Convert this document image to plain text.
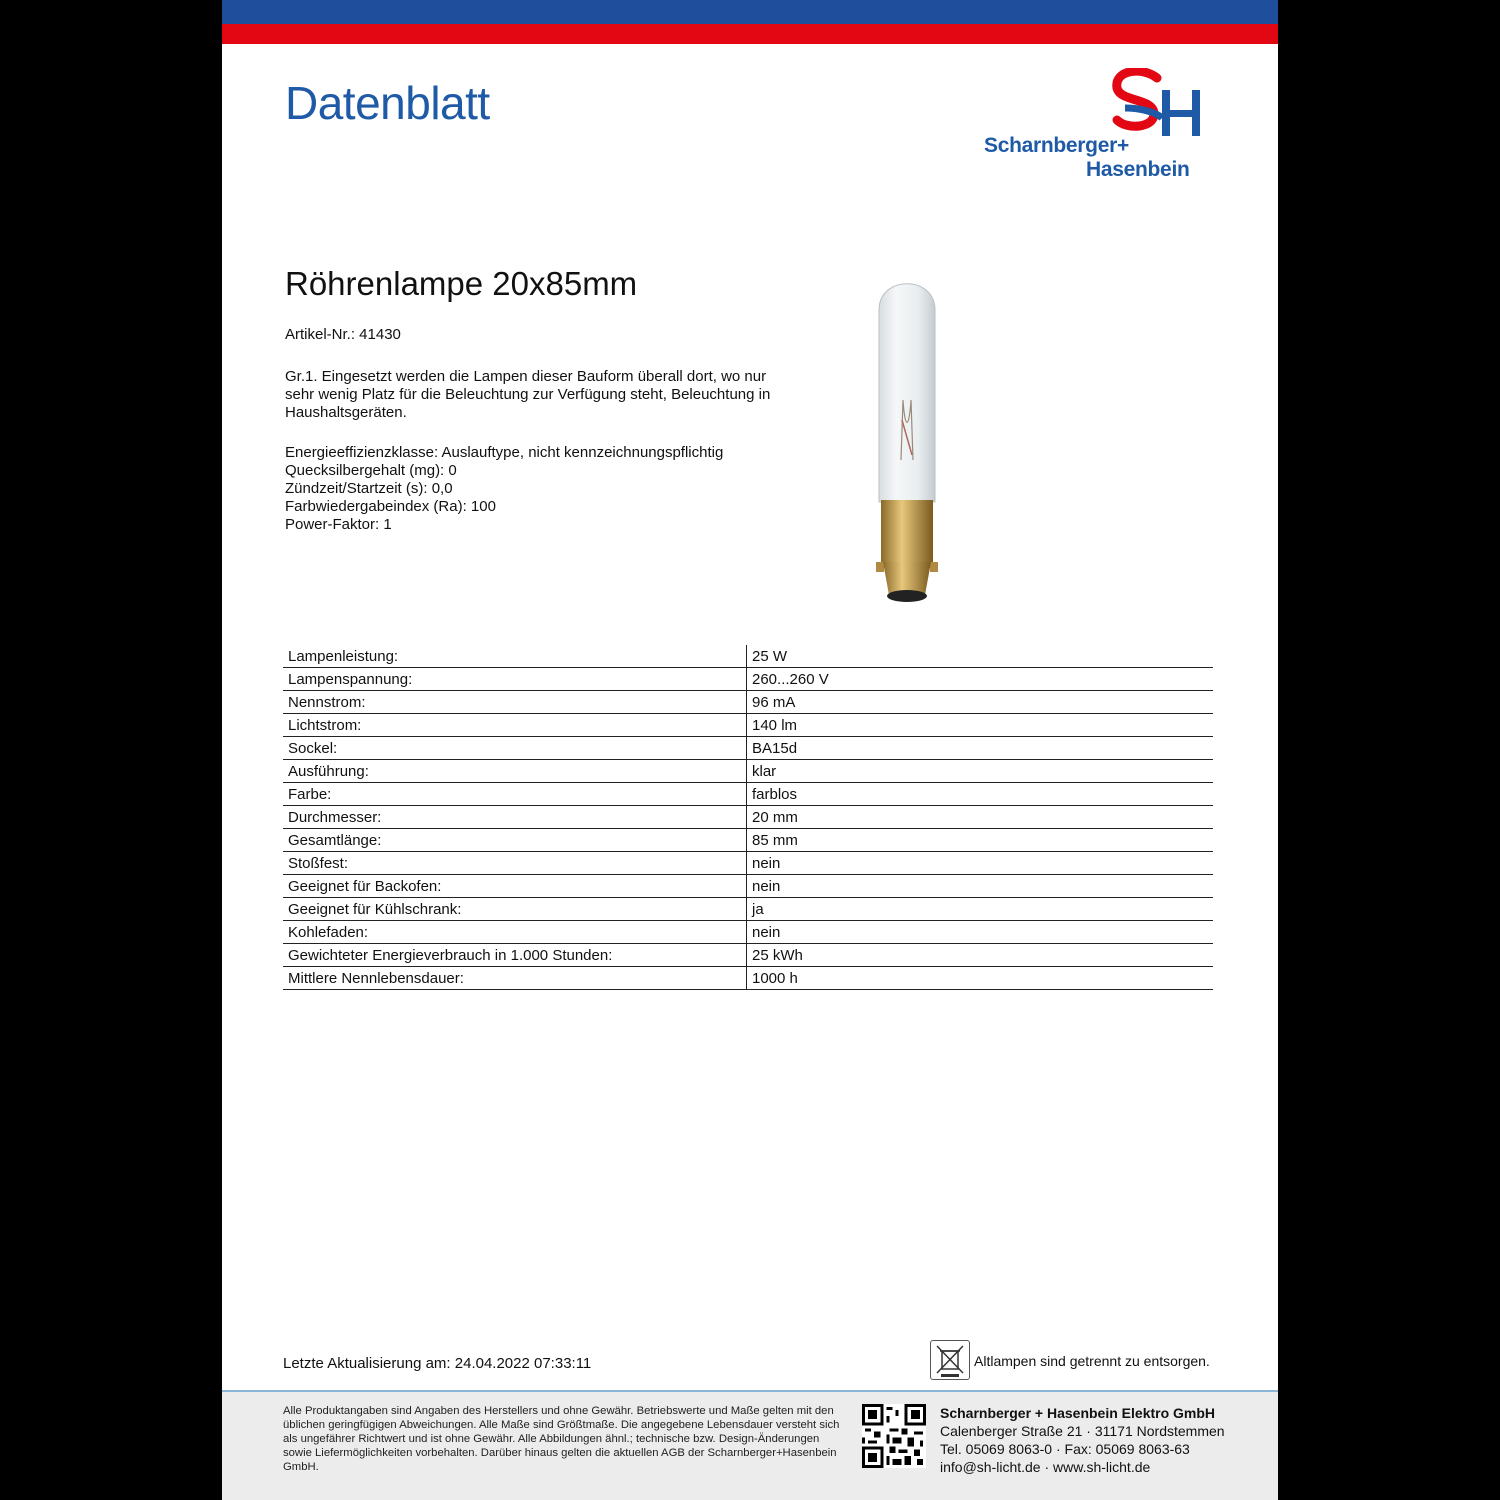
Datenblatt
Scharnberger+
Hasenbein
Röhrenlampe 20x85mm
Artikel-Nr.: 41430
Gr.1. Eingesetzt werden die Lampen dieser Bauform überall dort, wo nur sehr wenig Platz für die Beleuchtung zur Verfügung steht, Beleuchtung in Haushaltsgeräten.
Energieeffizienzklasse: Auslauftype, nicht kennzeichnungspflichtig
Quecksilbergehalt (mg): 0
Zündzeit/Startzeit (s): 0,0
Farbwiedergabeindex (Ra): 100
Power-Faktor: 1
Lampenleistung:	25 W
Lampenspannung:	260...260 V
Nennstrom:	96 mA
Lichtstrom:	140 lm
Sockel:	BA15d
Ausführung:	klar
Farbe:	farblos
Durchmesser:	20 mm
Gesamtlänge:	85 mm
Stoßfest:	nein
Geeignet für Backofen:	nein
Geeignet für Kühlschrank:	ja
Kohlefaden:	nein
Gewichteter Energieverbrauch in 1.000 Stunden:	25 kWh
Mittlere Nennlebensdauer:	1000 h
Letzte Aktualisierung am: 24.04.2022 07:33:11	Altlampen sind getrennt zu entsorgen.
Alle Produktangaben sind Angaben des Herstellers und ohne Gewähr. Betriebswerte und Maße gelten mit den üblichen geringfügigen Abweichungen. Alle Maße sind Größtmaße. Die angegebene Lebensdauer versteht sich als ungefährer Richtwert und ist ohne Gewähr. Alle Abbildungen ähnl.; technische bzw. Design-Änderungen sowie Liefermöglichkeiten vorbehalten. Darüber hinaus gelten die aktuellen AGB der Scharnberger+Hasenbein GmbH.
Scharnberger + Hasenbein Elektro GmbH
Calenberger Straße 21 · 31171 Nordstemmen
Tel. 05069 8063-0 · Fax: 05069 8063-63
info@sh-licht.de · www.sh-licht.de
